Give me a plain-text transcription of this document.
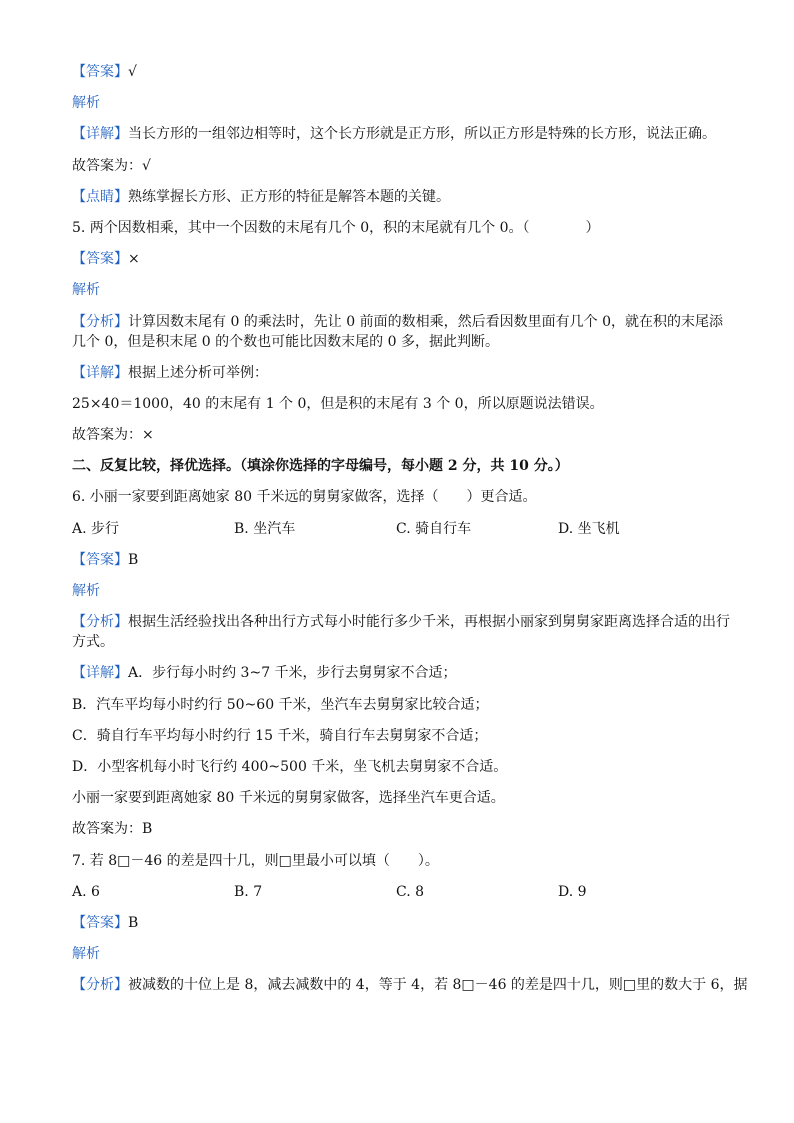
【答案】√
解析
【详解】当长方形的一组邻边相等时，这个长方形就是正方形，所以正方形是特殊的长方形，说法正确。
故答案为：√
【点睛】熟练掌握长方形、正方形的特征是解答本题的关键。
5. 两个因数相乘，其中一个因数的末尾有几个 0，积的末尾就有几个 0。（　　　　）
【答案】×
解析
【分析】计算因数末尾有 0 的乘法时，先让 0 前面的数相乘，然后看因数里面有几个 0，就在积的末尾添几个 0，但是积末尾 0 的个数也可能比因数末尾的 0 多，据此判断。
【详解】根据上述分析可举例：
25×40＝1000，40 的末尾有 1 个 0，但是积的末尾有 3 个 0，所以原题说法错误。
故答案为：×
二、反复比较，择优选择。（填涂你选择的字母编号，每小题 2 分，共 10 分。）
6. 小丽一家要到距离她家 80 千米远的舅舅家做客，选择（　　）更合适。
A. 步行	B. 坐汽车	C. 骑自行车	D. 坐飞机
【答案】B
解析
【分析】根据生活经验找出各种出行方式每小时能行多少千米，再根据小丽家到舅舅家距离选择合适的出行方式。
【详解】A．步行每小时约 3~7 千米，步行去舅舅家不合适；
B．汽车平均每小时约行 50~60 千米，坐汽车去舅舅家比较合适；
C．骑自行车平均每小时约行 15 千米，骑自行车去舅舅家不合适；
D．小型客机每小时飞行约 400~500 千米，坐飞机去舅舅家不合适。
小丽一家要到距离她家 80 千米远的舅舅家做客，选择坐汽车更合适。
故答案为：B
7. 若 8□－46 的差是四十几，则□里最小可以填（　　）。
A. 6	B. 7	C. 8	D. 9
【答案】B
解析
【分析】被减数的十位上是 8，减去减数中的 4，等于 4，若 8□－46 的差是四十几，则□里的数大于 6，据
